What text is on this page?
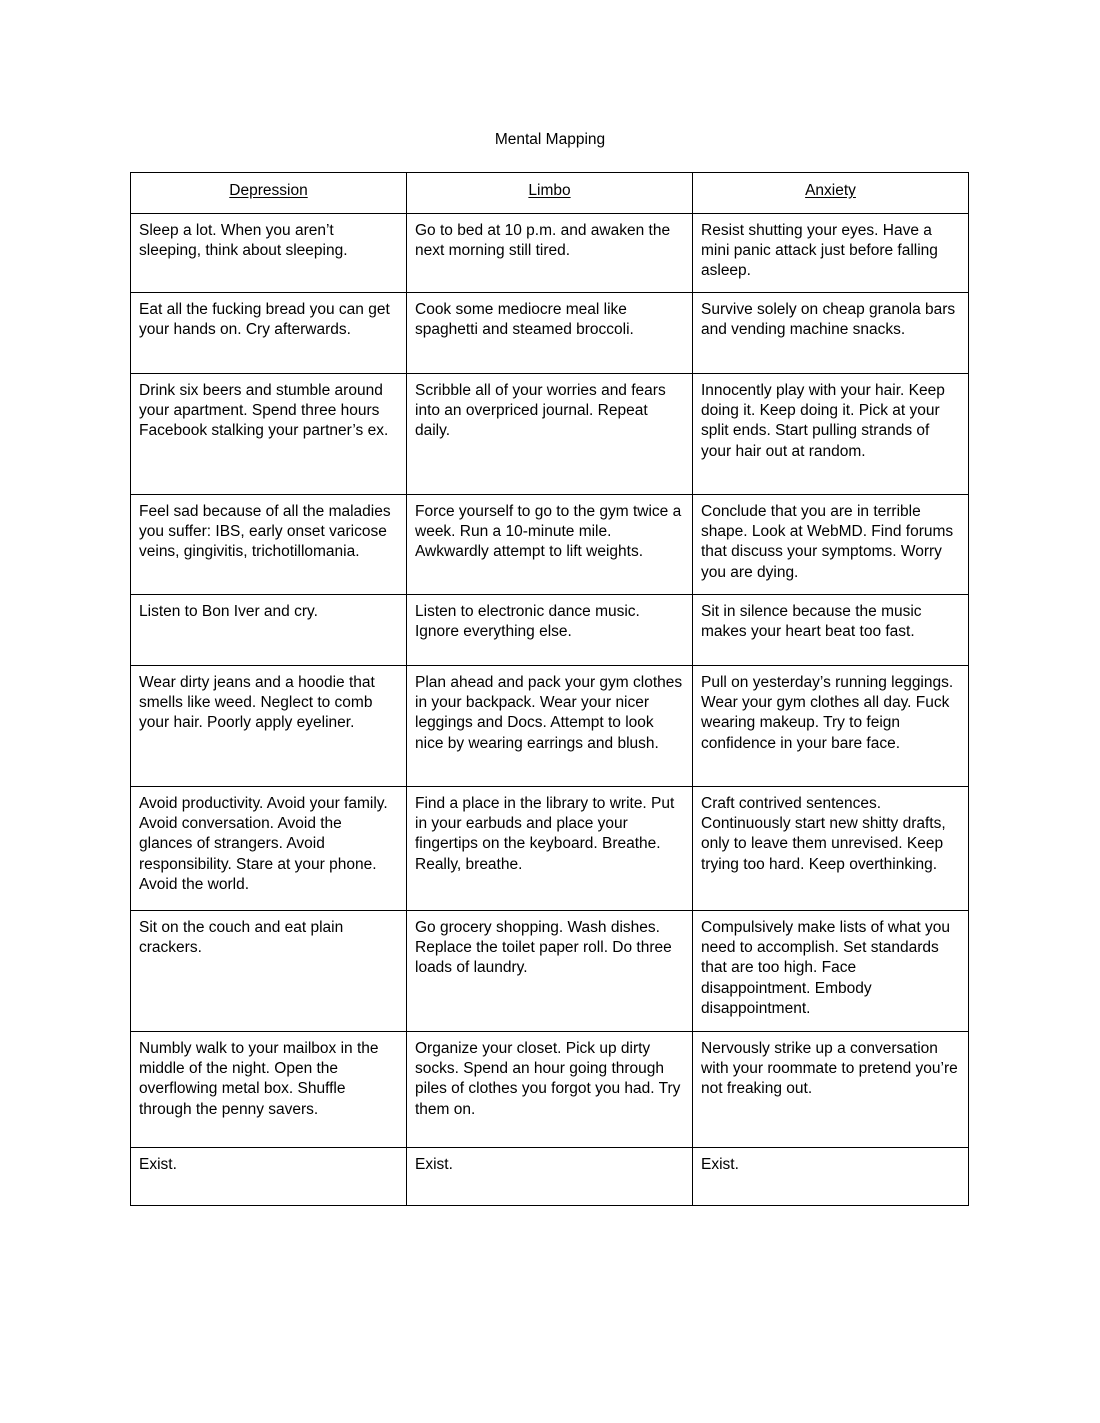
Mental Mapping
Depression	Limbo	Anxiety

Sleep a lot. When you aren’t sleeping, think about sleeping.	Go to bed at 10 p.m. and awaken the next morning still tired.	Resist shutting your eyes. Have a mini panic attack just before falling asleep.

Eat all the fucking bread you can get your hands on. Cry afterwards.	Cook some mediocre meal like spaghetti and steamed broccoli.	Survive solely on cheap granola bars and vending machine snacks.

Drink six beers and stumble around your apartment. Spend three hours Facebook stalking your partner’s ex.	Scribble all of your worries and fears into an overpriced journal. Repeat daily.	Innocently play with your hair. Keep doing it. Keep doing it. Pick at your split ends. Start pulling strands of your hair out at random.

Feel sad because of all the maladies you suffer: IBS, early onset varicose veins, gingivitis, trichotillomania.	Force yourself to go to the gym twice a week. Run a 10-minute mile. Awkwardly attempt to lift weights.	Conclude that you are in terrible shape. Look at WebMD. Find forums that discuss your symptoms. Worry you are dying.

Listen to Bon Iver and cry.	Listen to electronic dance music. Ignore everything else.	Sit in silence because the music makes your heart beat too fast.

Wear dirty jeans and a hoodie that smells like weed. Neglect to comb your hair. Poorly apply eyeliner.	Plan ahead and pack your gym clothes in your backpack. Wear your nicer leggings and Docs. Attempt to look nice by wearing earrings and blush.	Pull on yesterday’s running leggings. Wear your gym clothes all day. Fuck wearing makeup. Try to feign confidence in your bare face.

Avoid productivity. Avoid your family. Avoid conversation. Avoid the glances of strangers. Avoid responsibility. Stare at your phone. Avoid the world.	Find a place in the library to write. Put in your earbuds and place your fingertips on the keyboard. Breathe. Really, breathe.	Craft contrived sentences. Continuously start new shitty drafts, only to leave them unrevised. Keep trying too hard. Keep overthinking.

Sit on the couch and eat plain crackers.	Go grocery shopping. Wash dishes. Replace the toilet paper roll. Do three loads of laundry.	Compulsively make lists of what you need to accomplish. Set standards that are too high. Face disappointment. Embody disappointment.

Numbly walk to your mailbox in the middle of the night. Open the overflowing metal box. Shuffle through the penny savers.	Organize your closet. Pick up dirty socks. Spend an hour going through piles of clothes you forgot you had. Try them on.	Nervously strike up a conversation with your roommate to pretend you’re not freaking out.

Exist.	Exist.	Exist.
